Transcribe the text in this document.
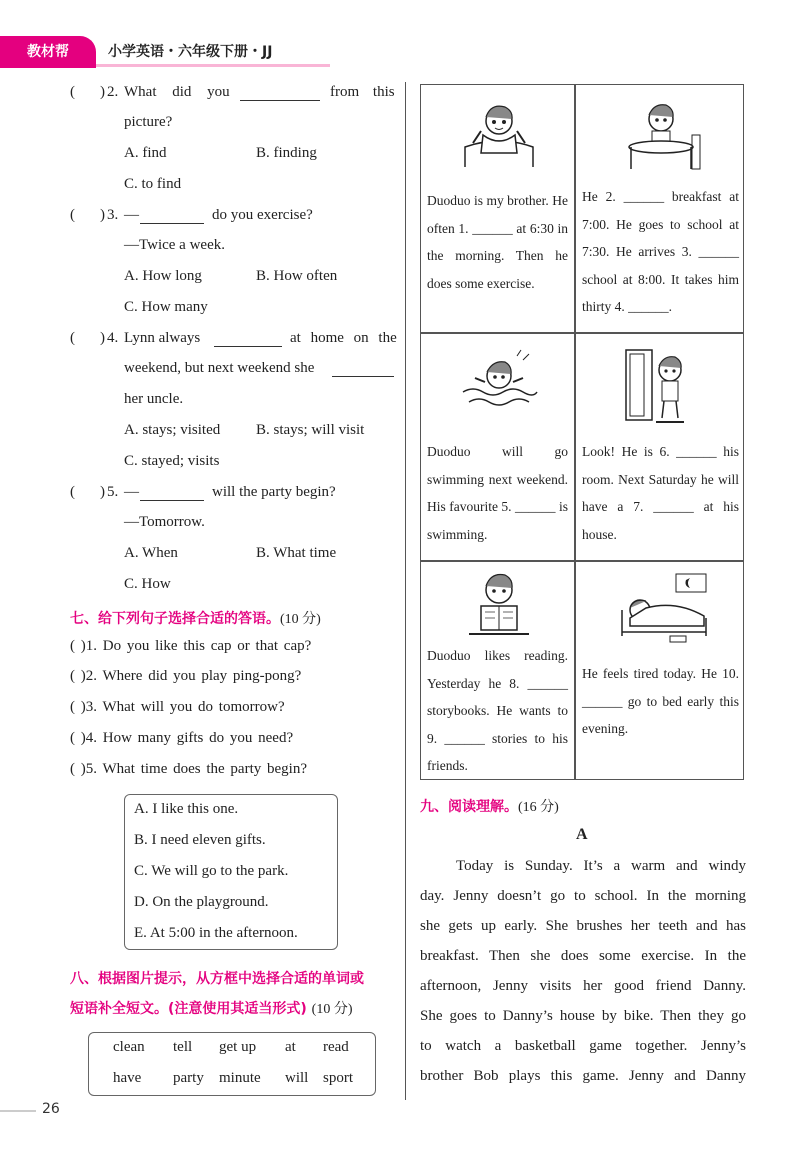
教材帮	小学英语・六年级下册・JJ
( ) 2. What did you	from this
picture?
A. find	B. finding
C. to find
( ) 3. —	do you exercise?
—Twice a week.
A. How long	B. How often
C. How many
( ) 4. Lynn always	at home on the
weekend, but next weekend she
her uncle.
A. stays; visited B. stays; will visit
C. stayed; visits
( ) 5. —	will the party begin?
—Tomorrow.
A. When	B. What time
C. How
七、给下列句子选择合适的答语。(10 分)
( )1. Do you like this cap or that cap?
( )2. Where did you play ping-pong?
( )3. What will you do tomorrow?
( )4. How many gifts do you need?
( )5. What time does the party begin?
A. I like this one.
B. I need eleven gifts.
C. We will go to the park.
D. On the playground.
E. At 5:00 in the afternoon.
八、根据图片提示，从方框中选择合适的单词或
短语补全短文。(注意使用其适当形式) (10 分)
clean tell get up at read
have party minute will sport
Duoduo is my brother. He often 1. ______ at 6:30 in the morning. Then he does some exercise.
He 2. ______ breakfast at 7:00. He goes to school at 7:30. He arrives 3. ______ school at 8:00. It takes him thirty 4. ______.
Duoduo will go swimming next weekend. His favourite 5. ______ is swimming.
Look! He is 6. ______ his room. Next Saturday he will have a 7. ______ at his house.
Duoduo likes reading. Yesterday he 8. ______ storybooks. He wants to 9. ______ stories to his friends.
He feels tired today. He 10. ______ go to bed early this evening.
九、阅读理解。(16 分)
A
Today is Sunday. It’s a warm and windy
day. Jenny doesn’t go to school. In the morning
she gets up early. She brushes her teeth and has
breakfast. Then she does some exercise. In the
afternoon, Jenny visits her good friend Danny.
She goes to Danny’s house by bike. Then they go
to watch a basketball game together. Jenny’s
brother Bob plays this game. Jenny and Danny
26
